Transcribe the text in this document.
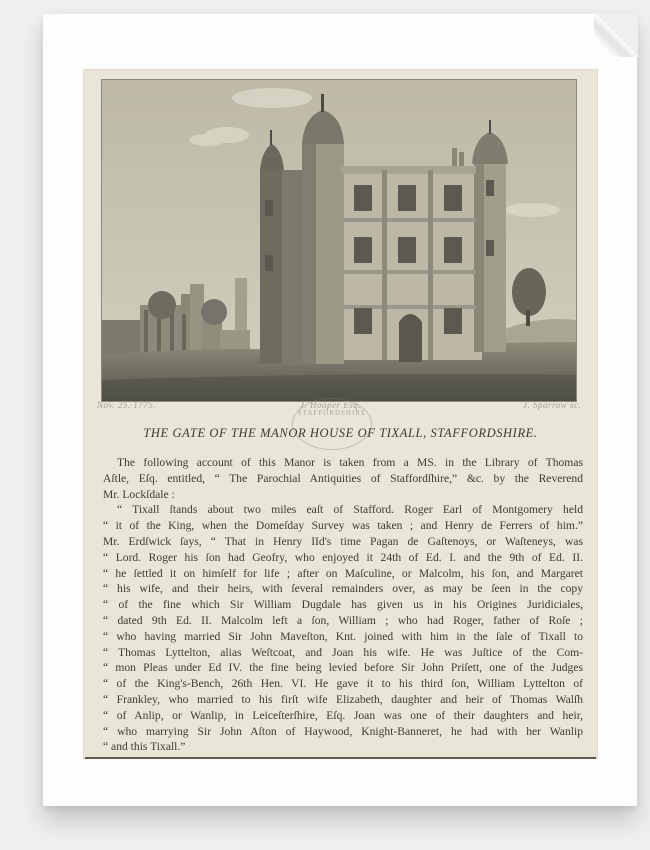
Nov. 25. 1775.	J. Hooper Esq.	J. Sparrow sc.
STAFFORDSHIRE
THE GATE OF THE MANOR HOUSE OF TIXALL, STAFFORDSHIRE.
The following account of this Manor is taken from a MS. in the Library of Thomas
Aſtle, Eſq. entitled, “ The Parochial Antiquities of Staffordſhire,” &c. by the Reverend
Mr. Lockſdale :
“ Tixall ſtands about two miles eaſt of Stafford. Roger Earl of Montgomery held
“ it of the King, when the Domeſday Survey was taken ; and Henry de Ferrers of him.”
Mr. Erdſwick ſays, “ That in Henry IId's time Pagan de Gaſtenoys, or Waſteneys, was
“ Lord. Roger his ſon had Geofry, who enjoyed it 24th of Ed. I. and the 9th of Ed. II.
“ he ſettled it on himſelf for life ; after on Maſculine, or Malcolm, his ſon, and Margaret
“ his wife, and their heirs, with ſeveral remainders over, as may be ſeen in the copy
“ of the fine which Sir William Dugdale has given us in his Origines Juridiciales,
“ dated 9th Ed. II. Malcolm left a ſon, William ; who had Roger, father of Roſe ;
“ who having married Sir John Maveſton, Knt. joined with him in the ſale of Tixall to
“ Thomas Lyttelton, alias Weſtcoat, and Joan his wife. He was Juſtice of the Com-
“ mon Pleas under Ed IV. the fine being levied before Sir John Priſett, one of the Judges
“ of the King's-Bench, 26th Hen. VI. He gave it to his third ſon, William Lyttelton of
“ Frankley, who married to his firſt wife Elizabeth, daughter and heir of Thomas Walſh
“ of Anlip, or Wanlip, in Leiceſterſhire, Eſq. Joan was one of their daughters and heir,
“ who marrying Sir John Aſton of Haywood, Knight-Banneret, he had with her Wanlip
“ and this Tixall.”
